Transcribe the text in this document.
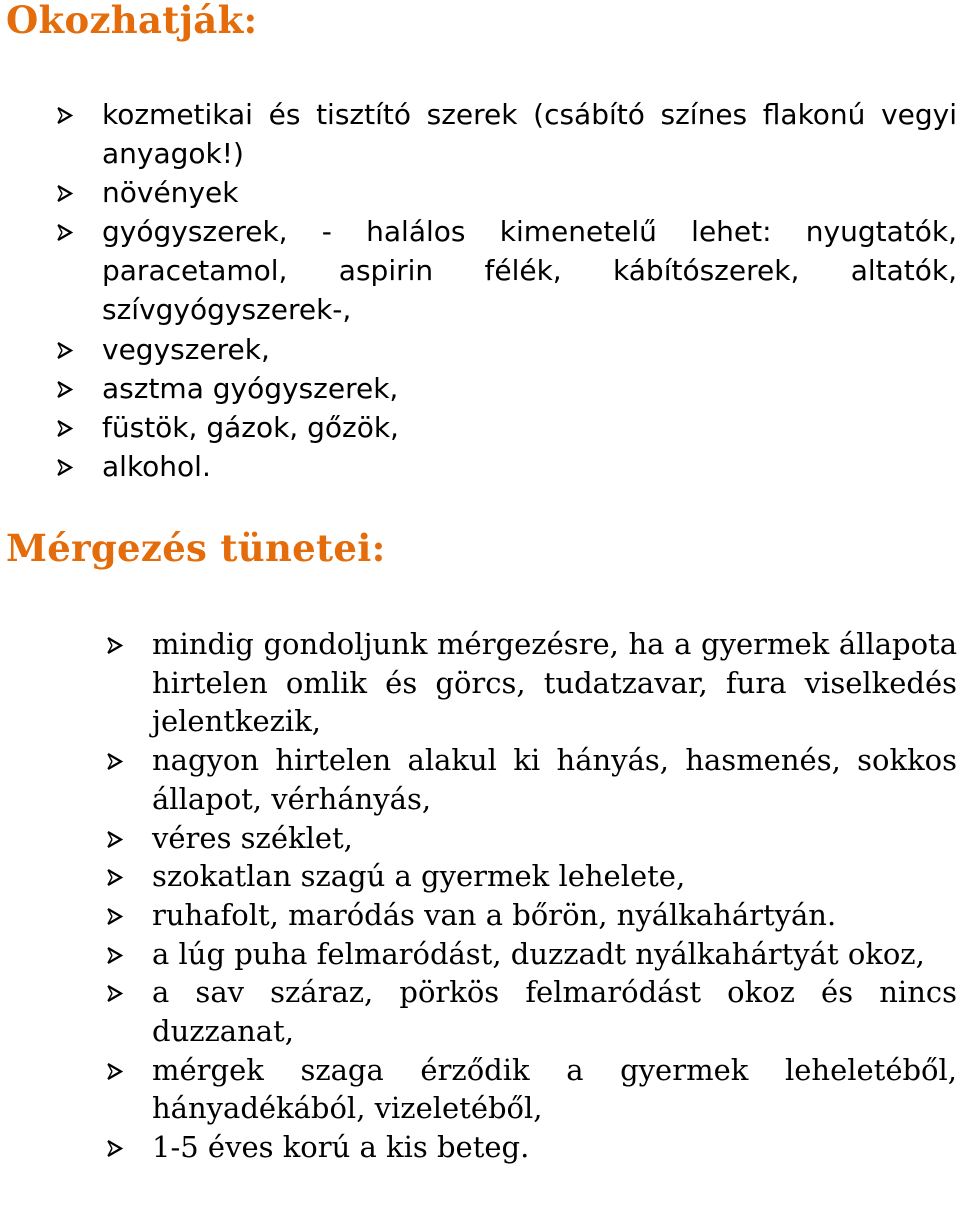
Okozhatják:
kozmetikai és tisztító szerek (csábító színes flakonú vegyi anyagok!)
növények
gyógyszerek, - halálos kimenetelű lehet: nyugtatók, paracetamol, aspirin félék, kábítószerek, altatók, szívgyógyszerek-,
vegyszerek,
asztma gyógyszerek,
füstök, gázok, gőzök,
alkohol.
Mérgezés tünetei:
mindig gondoljunk mérgezésre, ha a gyermek állapota hirtelen omlik és görcs, tudatzavar, fura viselkedés jelentkezik,
nagyon hirtelen alakul ki hányás, hasmenés, sokkos állapot, vérhányás,
véres széklet,
szokatlan szagú a gyermek lehelete,
ruhafolt, maródás van a bőrön, nyálkahártyán.
a lúg puha felmaródást, duzzadt nyálkahártyát okoz,
a sav száraz, pörkös felmaródást okoz és nincs duzzanat,
mérgek szaga érződik a gyermek leheletéből, hányadékából, vizeletéből,
1-5 éves korú a kis beteg.
